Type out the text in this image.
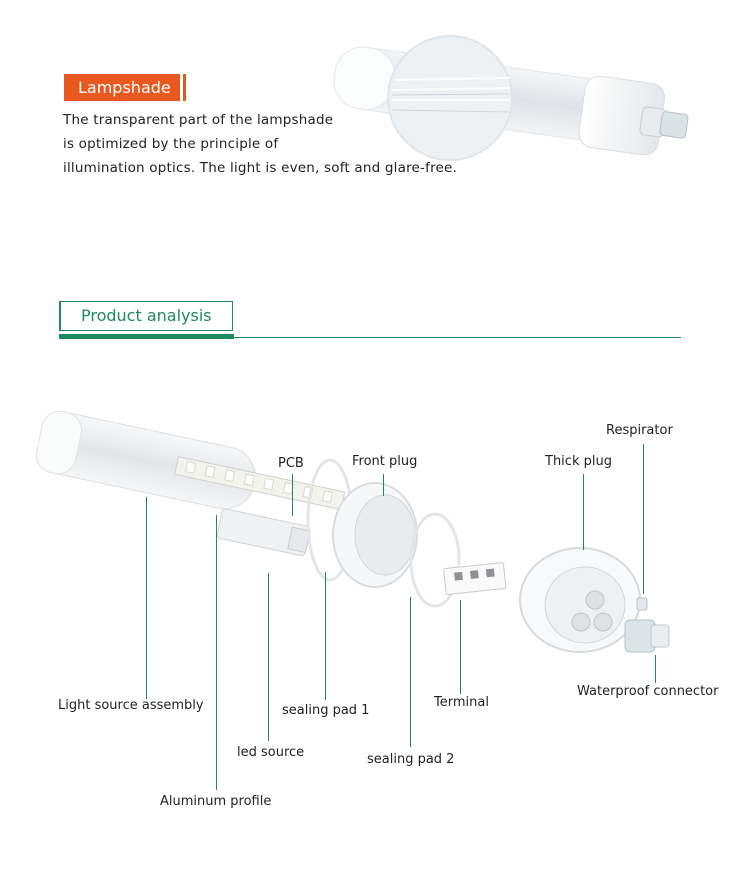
Lampshade
The transparent part of the lampshade
is optimized by the principle of
illumination optics. The light is even, soft and glare-free.
Product analysis
Respirator
PCB	Front plug	Thick plug
Light source assembly	sealing pad 1
Terminal
Waterproof connector
led source	sealing pad 2
Aluminum profile
